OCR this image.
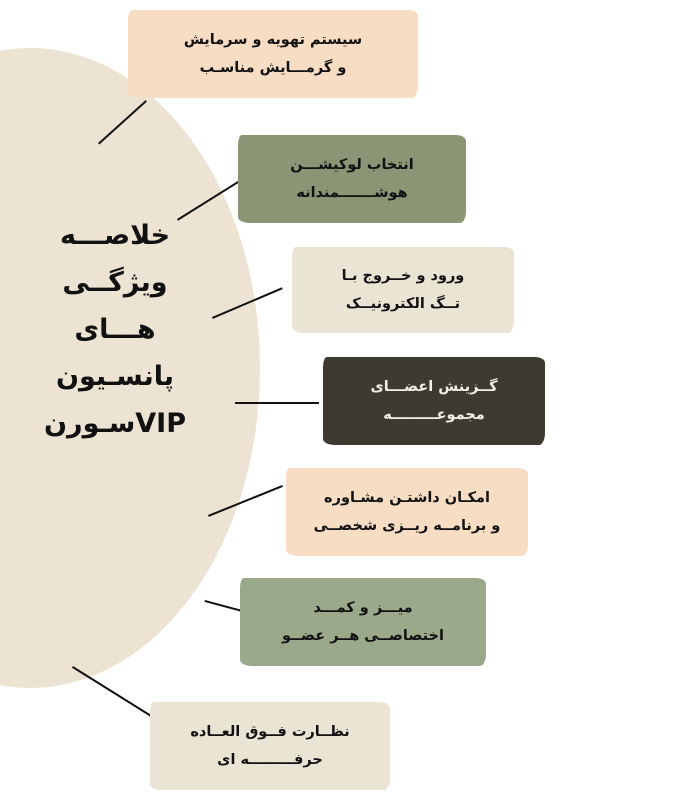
خلاصـــه
ویژگــی
هـــای
پانسـیون
VIPسـورن
سیستم تهویه و سرمایش
و گرمـــایش مناسـب
انتخاب لوکیشـــن
هوشـــــــمندانه
ورود و خــروج بـا
تــگ الکترونیــک
گــزینش اعضـــای
مجموعـــــــــه
امکـان داشتـن مشـاوره
و برنامــه ریــزی شخصــی
میـــز و کمـــد
اختصاصــی هــر عضــو
نظــارت فــوق العــاده
حرفـــــــــه ای
